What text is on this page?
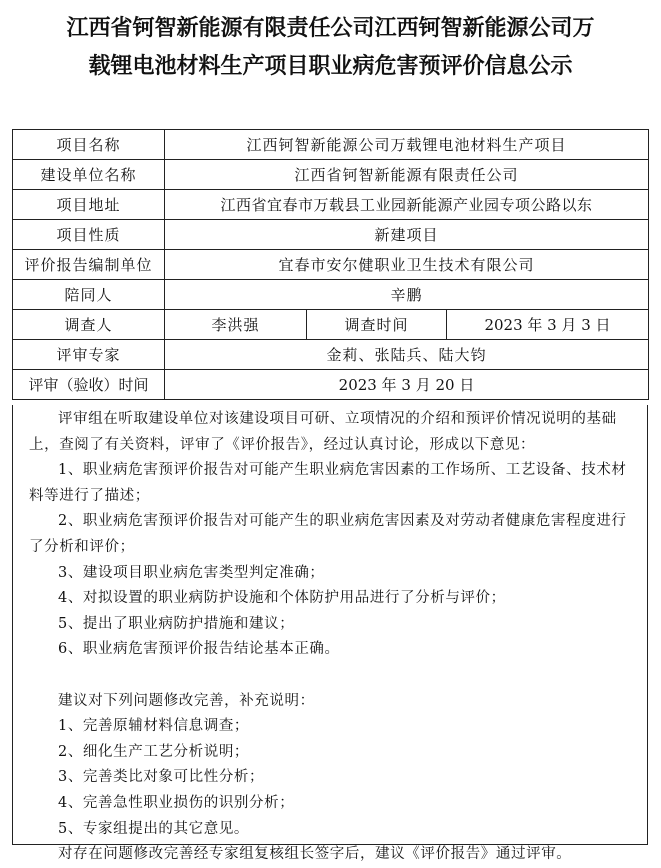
江西省钶智新能源有限责任公司江西钶智新能源公司万
载锂电池材料生产项目职业病危害预评价信息公示
项目名称	江西钶智新能源公司万载锂电池材料生产项目		
建设单位名称	江西省钶智新能源有限责任公司		
项目地址	江西省宜春市万载县工业园新能源产业园专项公路以东		
项目性质	新建项目		
评价报告编制单位	宜春市安尔健职业卫生技术有限公司		
陪同人	辛鹏		
调查人	李洪强	调查时间	2023 年 3 月 3 日
评审专家	金莉、张陆兵、陆大钧		
评审（验收）时间	2023 年 3 月 20 日		

评审组在听取建设单位对该建设项目可研、立项情况的介绍和预评价情况说明的基础上，查阅了有关资料，评审了《评价报告》，经过认真讨论，形成以下意见：

1、职业病危害预评价报告对可能产生职业病危害因素的工作场所、工艺设备、技术材料等进行了描述；

2、职业病危害预评价报告对可能产生的职业病危害因素及对劳动者健康危害程度进行了分析和评价；

3、建设项目职业病危害类型判定准确；

4、对拟设置的职业病防护设施和个体防护用品进行了分析与评价；

5、提出了职业病防护措施和建议；

6、职业病危害预评价报告结论基本正确。

建议对下列问题修改完善，补充说明：

1、完善原辅材料信息调查；

2、细化生产工艺分析说明；

3、完善类比对象可比性分析；

4、完善急性职业损伤的识别分析；

5、专家组提出的其它意见。

对存在问题修改完善经专家组复核组长签字后，建议《评价报告》通过评审。
